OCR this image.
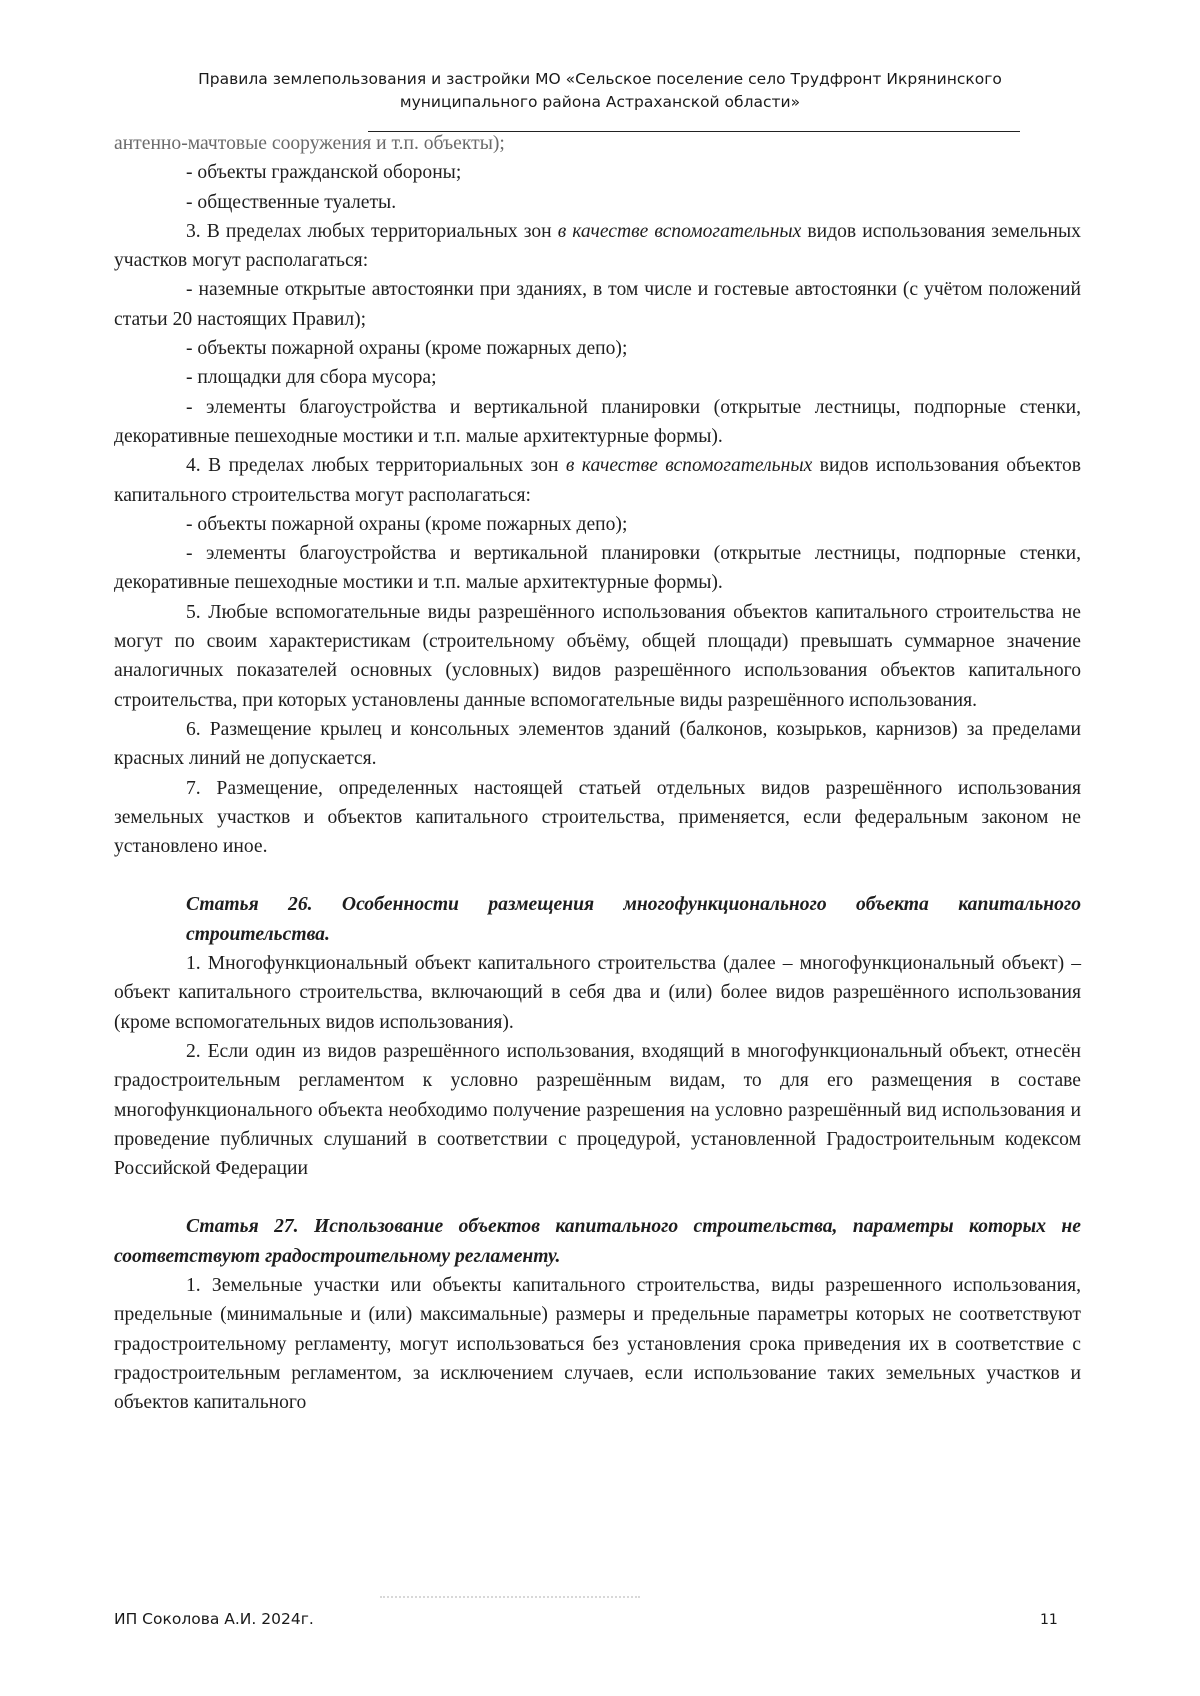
Правила землепользования и застройки МО «Сельское поселение село Трудфронт Икрянинского
муниципального района Астраханской области»

антенно-мачтовые сооружения и т.п. объекты);

- объекты гражданской обороны;

- общественные туалеты.

3. В пределах любых территориальных зон в качестве вспомогательных видов использования земельных участков могут располагаться:

- наземные открытые автостоянки при зданиях, в том числе и гостевые автостоянки (с учётом положений статьи 20 настоящих Правил);

- объекты пожарной охраны (кроме пожарных депо);

- площадки для сбора мусора;

- элементы благоустройства и вертикальной планировки (открытые лестницы, подпорные стенки, декоративные пешеходные мостики и т.п. малые архитектурные формы).

4. В пределах любых территориальных зон в качестве вспомогательных видов использования объектов капитального строительства могут располагаться:

- объекты пожарной охраны (кроме пожарных депо);

- элементы благоустройства и вертикальной планировки (открытые лестницы, подпорные стенки, декоративные пешеходные мостики и т.п. малые архитектурные формы).

5. Любые вспомогательные виды разрешённого использования объектов капитального строительства не могут по своим характеристикам (строительному объёму, общей площади) превышать суммарное значение аналогичных показателей основных (условных) видов разрешённого использования объектов капитального строительства, при которых установлены данные вспомогательные виды разрешённого использования.

6. Размещение крылец и консольных элементов зданий (балконов, козырьков, карнизов) за пределами красных линий не допускается.

7. Размещение, определенных настоящей статьей отдельных видов разрешённого использования земельных участков и объектов капитального строительства, применяется, если федеральным законом не установлено иное.

Статья 26. Особенности размещения многофункционального объекта капитального строительства.

1. Многофункциональный объект капитального строительства (далее – многофункциональный объект) – объект капитального строительства, включающий в себя два и (или) более видов разрешённого использования (кроме вспомогательных видов использования).

2. Если один из видов разрешённого использования, входящий в многофункциональный объект, отнесён градостроительным регламентом к условно разрешённым видам, то для его размещения в составе многофункционального объекта необходимо получение разрешения на условно разрешённый вид использования и проведение публичных слушаний в соответствии с процедурой, установленной Градостроительным кодексом Российской Федерации

Статья 27. Использование объектов капитального строительства, параметры которых не соответствуют градостроительному регламенту.

1. Земельные участки или объекты капитального строительства, виды разрешенного использования, предельные (минимальные и (или) максимальные) размеры и предельные параметры которых не соответствуют градостроительному регламенту, могут использоваться без установления срока приведения их в соответствие с градостроительным регламентом, за исключением случаев, если использование таких земельных участков и объектов капитального

ИП Соколова А.И. 2024г.	11
